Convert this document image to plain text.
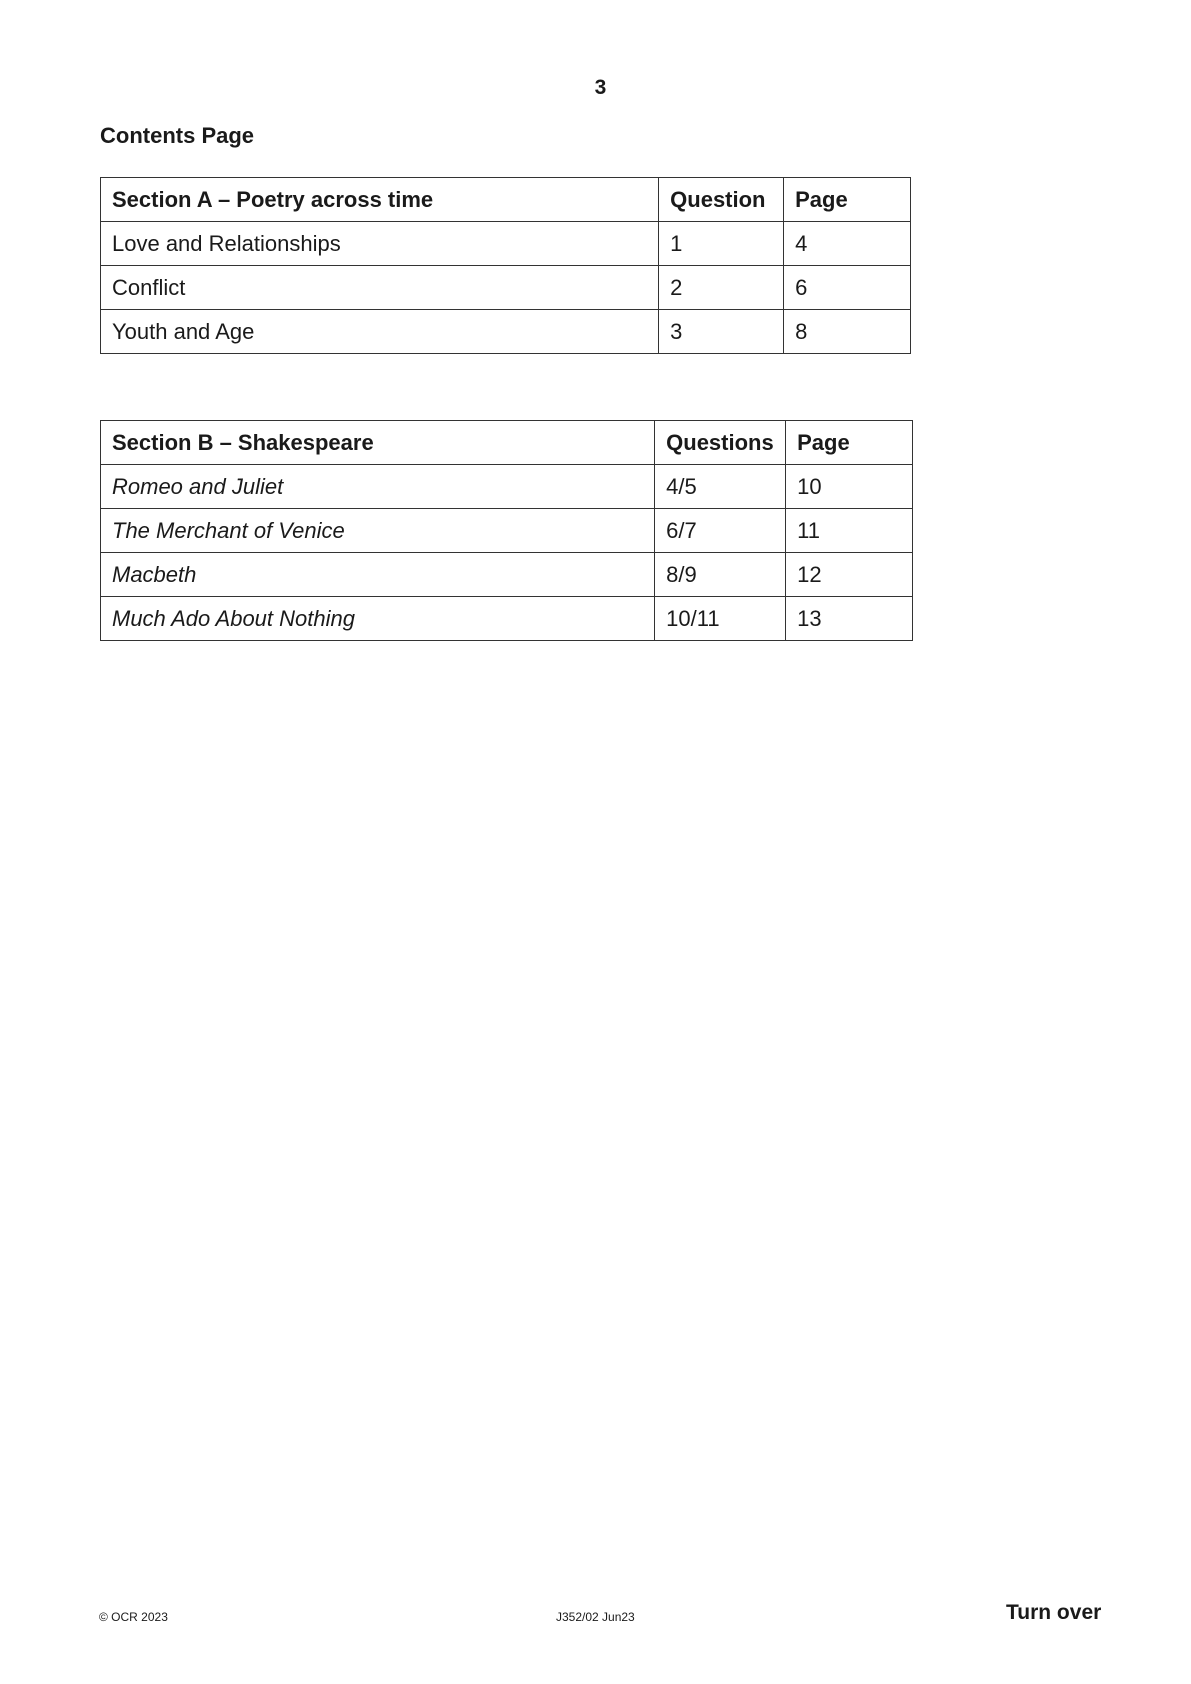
3
Contents Page
Section A – Poetry across time	Question	Page
Love and Relationships	1	4
Conflict	2	6
Youth and Age	3	8
Section B – Shakespeare	Questions	Page
Romeo and Juliet	4/5	10
The Merchant of Venice	6/7	11
Macbeth	8/9	12
Much Ado About Nothing	10/11	13
© OCR 2023	J352/02 Jun23	Turn over
